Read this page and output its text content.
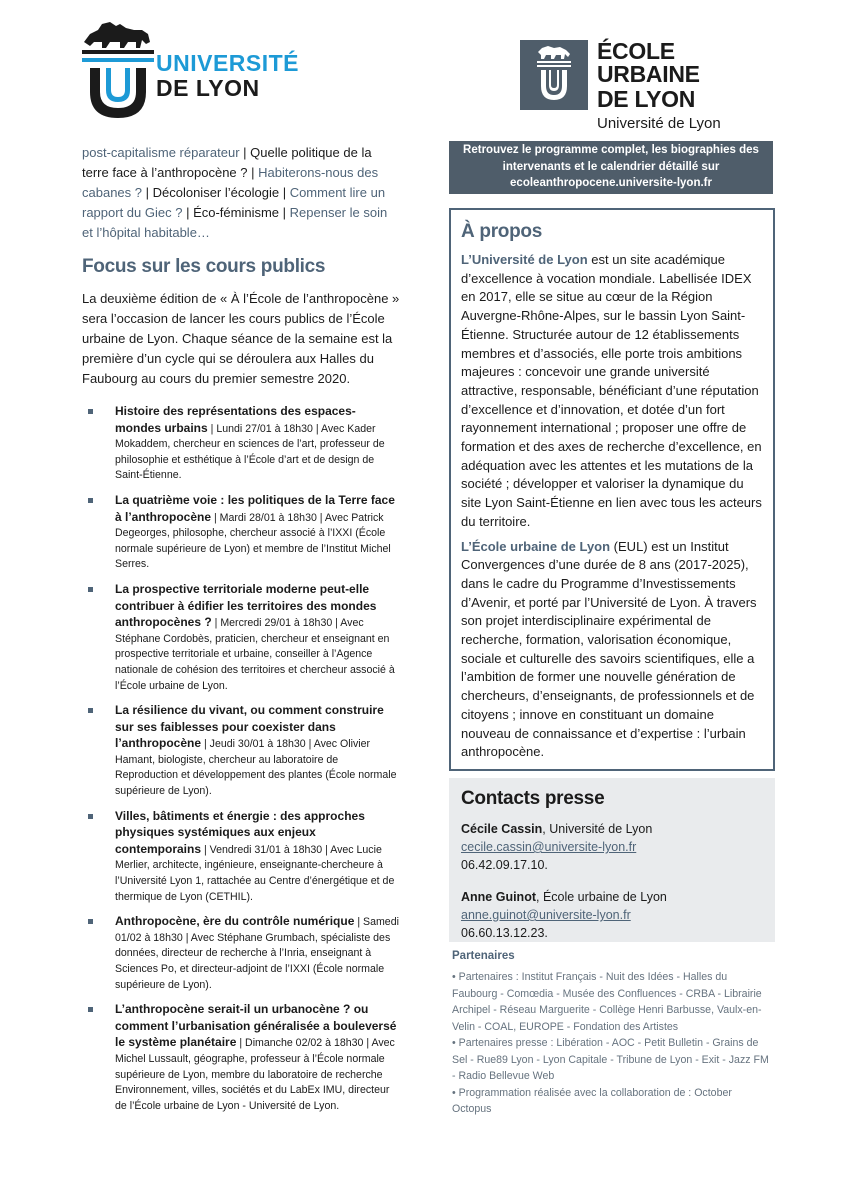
UNIVERSITÉ
DE LYON
ÉCOLE URBAINE
DE LYON
Université de Lyon

post-capitalisme réparateur | Quelle politique de la terre face à l’anthropocène ? | Habiterons-nous des cabanes ? | Décoloniser l’écologie | Comment lire un rapport du Giec ? | Éco-féminisme | Repenser le soin et l’hôpital habitable…

Focus sur les cours publics

La deuxième édition de « À l’École de l’anthropocène » sera l’occasion de lancer les cours publics de l’École urbaine de Lyon. Chaque séance de la semaine est la première d’un cycle qui se déroulera aux Halles du Faubourg au cours du premier semestre 2020.

Histoire des représentations des espaces-mondes urbains | Lundi 27/01 à 18h30 | Avec Kader Mokaddem, chercheur en sciences de l’art, professeur de philosophie et esthétique à l’École d’art et de design de Saint-Étienne.
La quatrième voie : les politiques de la Terre face à l’anthropocène | Mardi 28/01 à 18h30 | Avec Patrick Degeorges, philosophe, chercheur associé à l’IXXI (École normale supérieure de Lyon) et membre de l’Institut Michel Serres.
La prospective territoriale moderne peut-elle contribuer à édifier les territoires des mondes anthropocènes ? | Mercredi 29/01 à 18h30 | Avec Stéphane Cordobès, praticien, chercheur et enseignant en prospective territoriale et urbaine, conseiller à l’Agence nationale de cohésion des territoires et chercheur associé à l’École urbaine de Lyon.
La résilience du vivant, ou comment construire sur ses faiblesses pour coexister dans l’anthropocène | Jeudi 30/01 à 18h30 | Avec Olivier Hamant, biologiste, chercheur au laboratoire de Reproduction et développement des plantes (École normale supérieure de Lyon).
Villes, bâtiments et énergie : des approches physiques systémiques aux enjeux contemporains | Vendredi 31/01 à 18h30 | Avec Lucie Merlier, architecte, ingénieure, enseignante-chercheure à l’Université Lyon 1, rattachée au Centre d’énergétique et de thermique de Lyon (CETHIL).
Anthropocène, ère du contrôle numérique | Samedi 01/02 à 18h30 | Avec Stéphane Grumbach, spécialiste des données, directeur de recherche à l’Inria, enseignant à Sciences Po, et directeur-adjoint de l’IXXI (École normale supérieure de Lyon).
L’anthropocène serait-il un urbanocène ? ou comment l’urbanisation généralisée a bouleversé le système planétaire | Dimanche 02/02 à 18h30 | Avec Michel Lussault, géographe, professeur à l’École normale supérieure de Lyon, membre du laboratoire de recherche Environnement, villes, sociétés et du LabEx IMU, directeur de l’École urbaine de Lyon - Université de Lyon.
Retrouvez le programme complet, les biographies des intervenants et le calendrier détaillé sur ecoleanthropocene.universite-lyon.fr
À propos

L’Université de Lyon est un site académique d’excellence à vocation mondiale. Labellisée IDEX en 2017, elle se situe au cœur de la Région Auvergne-Rhône-Alpes, sur le bassin Lyon Saint-Étienne. Structurée autour de 12 établissements membres et d’associés, elle porte trois ambitions majeures : concevoir une grande université attractive, responsable, bénéficiant d’une réputation d’excellence et d’innovation, et dotée d’un fort rayonnement international ; proposer une offre de formation et des axes de recherche d’excellence, en adéquation avec les attentes et les mutations de la société ; développer et valoriser la dynamique du site Lyon Saint-Étienne en lien avec tous les acteurs du territoire.

L’École urbaine de Lyon (EUL) est un Institut Convergences d’une durée de 8 ans (2017-2025), dans le cadre du Programme d’Investissements d’Avenir, et porté par l’Université de Lyon. À travers son projet interdisciplinaire expérimental de recherche, formation, valorisation économique, sociale et culturelle des savoirs scientifiques, elle a l’ambition de former une nouvelle génération de chercheurs, d’enseignants, de professionnels et de citoyens ; innove en constituant un domaine nouveau de connaissance et d’expertise : l’urbain anthropocène.

Contacts presse
Cécile Cassin, Université de Lyon
cecile.cassin@universite-lyon.fr
06.42.09.17.10.
Anne Guinot, École urbaine de Lyon
anne.guinot@universite-lyon.fr
06.60.13.12.23.
Partenaires

• Partenaires : Institut Français - Nuit des Idées - Halles du Faubourg - Comœdia - Musée des Confluences - CRBA - Librairie Archipel - Réseau Marguerite - Collège Henri Barbusse, Vaulx-en-Velin - COAL, EUROPE - Fondation des Artistes

• Partenaires presse : Libération - AOC - Petit Bulletin - Grains de Sel - Rue89 Lyon - Lyon Capitale - Tribune de Lyon - Exit - Jazz FM - Radio Bellevue Web

• Programmation réalisée avec la collaboration de : October Octopus
